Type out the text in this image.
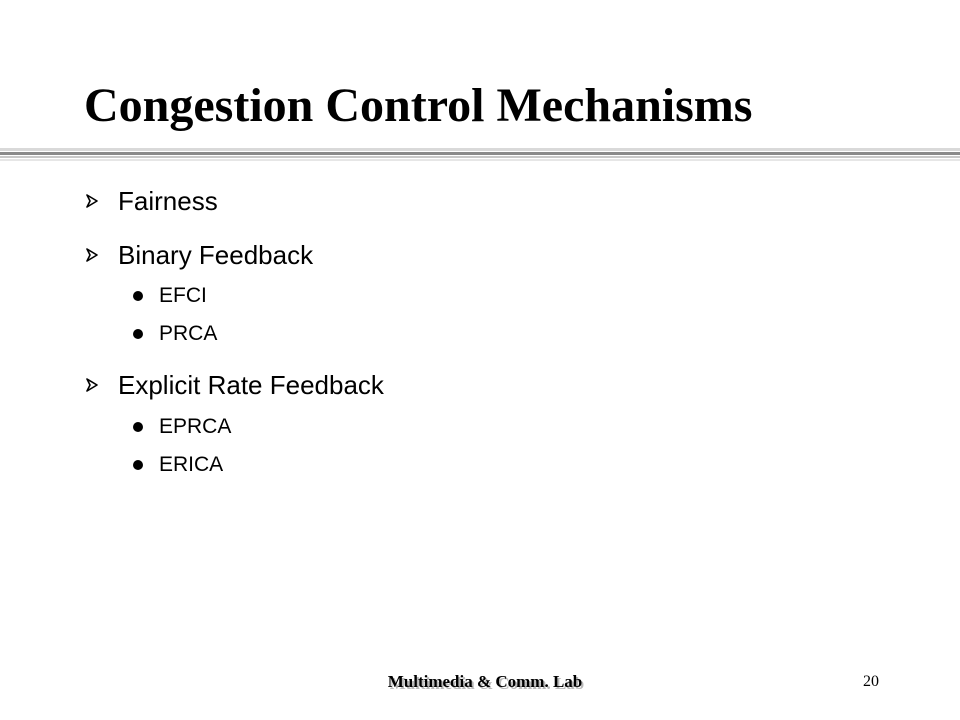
Congestion Control Mechanisms
Fairness
Binary Feedback
EFCI
PRCA
Explicit Rate Feedback
EPRCA
ERICA
Multimedia & Comm. Lab	20
